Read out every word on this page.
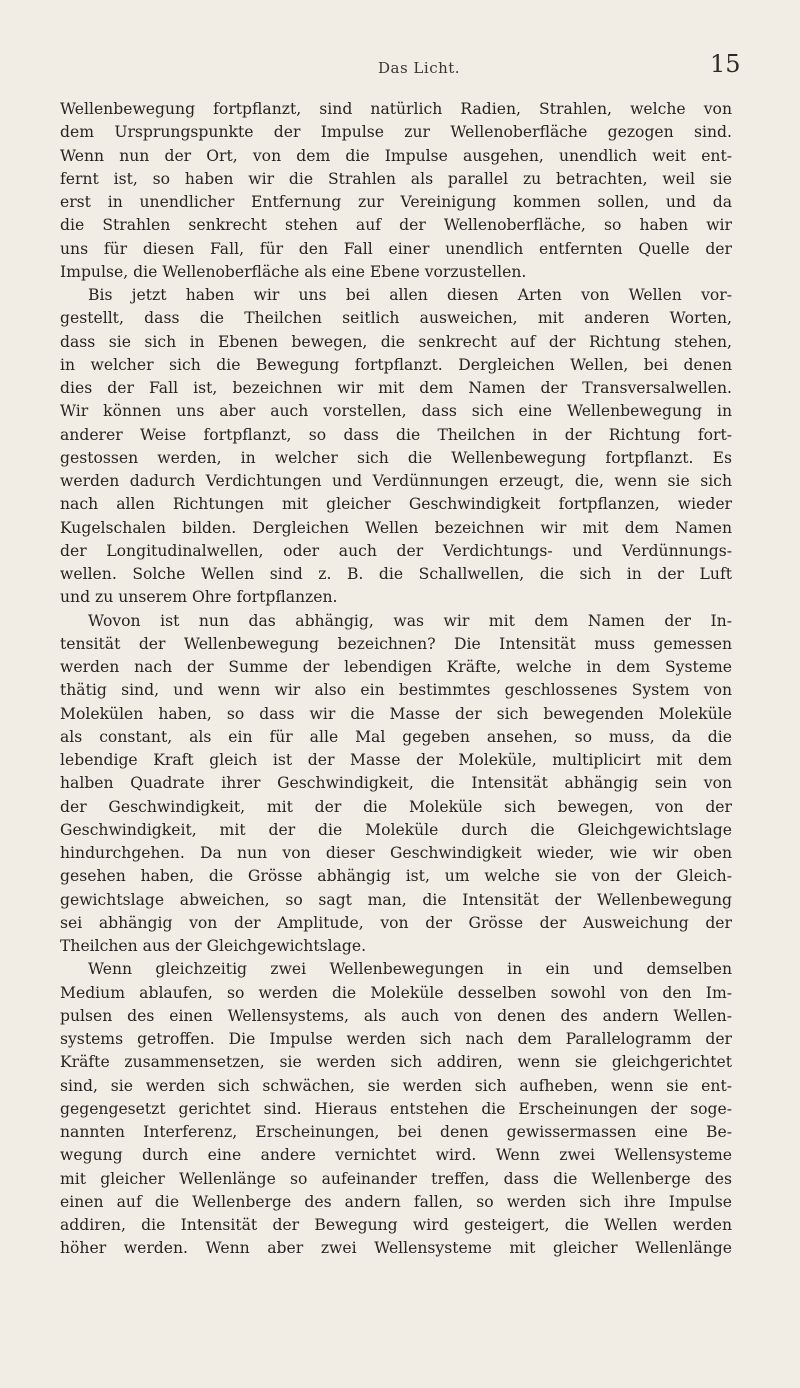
Das Licht.	15
Wellenbewegung fortpflanzt, sind natürlich Radien, Strahlen, welche von
dem Ursprungspunkte der Impulse zur Wellenoberfläche gezogen sind.
Wenn nun der Ort, von dem die Impulse ausgehen, unendlich weit ent-
fernt ist, so haben wir die Strahlen als parallel zu betrachten, weil sie
erst in unendlicher Entfernung zur Vereinigung kommen sollen, und da
die Strahlen senkrecht stehen auf der Wellenoberfläche, so haben wir
uns für diesen Fall, für den Fall einer unendlich entfernten Quelle der
Impulse, die Wellenoberfläche als eine Ebene vorzustellen.
Bis jetzt haben wir uns bei allen diesen Arten von Wellen vor-
gestellt, dass die Theilchen seitlich ausweichen, mit anderen Worten,
dass sie sich in Ebenen bewegen, die senkrecht auf der Richtung stehen,
in welcher sich die Bewegung fortpflanzt. Dergleichen Wellen, bei denen
dies der Fall ist, bezeichnen wir mit dem Namen der Transversalwellen.
Wir können uns aber auch vorstellen, dass sich eine Wellenbewegung in
anderer Weise fortpflanzt, so dass die Theilchen in der Richtung fort-
gestossen werden, in welcher sich die Wellenbewegung fortpflanzt. Es
werden dadurch Verdichtungen und Verdünnungen erzeugt, die, wenn sie sich
nach allen Richtungen mit gleicher Geschwindigkeit fortpflanzen, wieder
Kugelschalen bilden. Dergleichen Wellen bezeichnen wir mit dem Namen
der Longitudinalwellen, oder auch der Verdichtungs- und Verdünnungs-
wellen. Solche Wellen sind z. B. die Schallwellen, die sich in der Luft
und zu unserem Ohre fortpflanzen.
Wovon ist nun das abhängig, was wir mit dem Namen der In-
tensität der Wellenbewegung bezeichnen? Die Intensität muss gemessen
werden nach der Summe der lebendigen Kräfte, welche in dem Systeme
thätig sind, und wenn wir also ein bestimmtes geschlossenes System von
Molekülen haben, so dass wir die Masse der sich bewegenden Moleküle
als constant, als ein für alle Mal gegeben ansehen, so muss, da die
lebendige Kraft gleich ist der Masse der Moleküle, multiplicirt mit dem
halben Quadrate ihrer Geschwindigkeit, die Intensität abhängig sein von
der Geschwindigkeit, mit der die Moleküle sich bewegen, von der
Geschwindigkeit, mit der die Moleküle durch die Gleichgewichtslage
hindurchgehen. Da nun von dieser Geschwindigkeit wieder, wie wir oben
gesehen haben, die Grösse abhängig ist, um welche sie von der Gleich-
gewichtslage abweichen, so sagt man, die Intensität der Wellenbewegung
sei abhängig von der Amplitude, von der Grösse der Ausweichung der
Theilchen aus der Gleichgewichtslage.
Wenn gleichzeitig zwei Wellenbewegungen in ein und demselben
Medium ablaufen, so werden die Moleküle desselben sowohl von den Im-
pulsen des einen Wellensystems, als auch von denen des andern Wellen-
systems getroffen. Die Impulse werden sich nach dem Parallelogramm der
Kräfte zusammensetzen, sie werden sich addiren, wenn sie gleichgerichtet
sind, sie werden sich schwächen, sie werden sich aufheben, wenn sie ent-
gegengesetzt gerichtet sind. Hieraus entstehen die Erscheinungen der soge-
nannten Interferenz, Erscheinungen, bei denen gewissermassen eine Be-
wegung durch eine andere vernichtet wird. Wenn zwei Wellensysteme
mit gleicher Wellenlänge so aufeinander treffen, dass die Wellenberge des
einen auf die Wellenberge des andern fallen, so werden sich ihre Impulse
addiren, die Intensität der Bewegung wird gesteigert, die Wellen werden
höher werden. Wenn aber zwei Wellensysteme mit gleicher Wellenlänge
